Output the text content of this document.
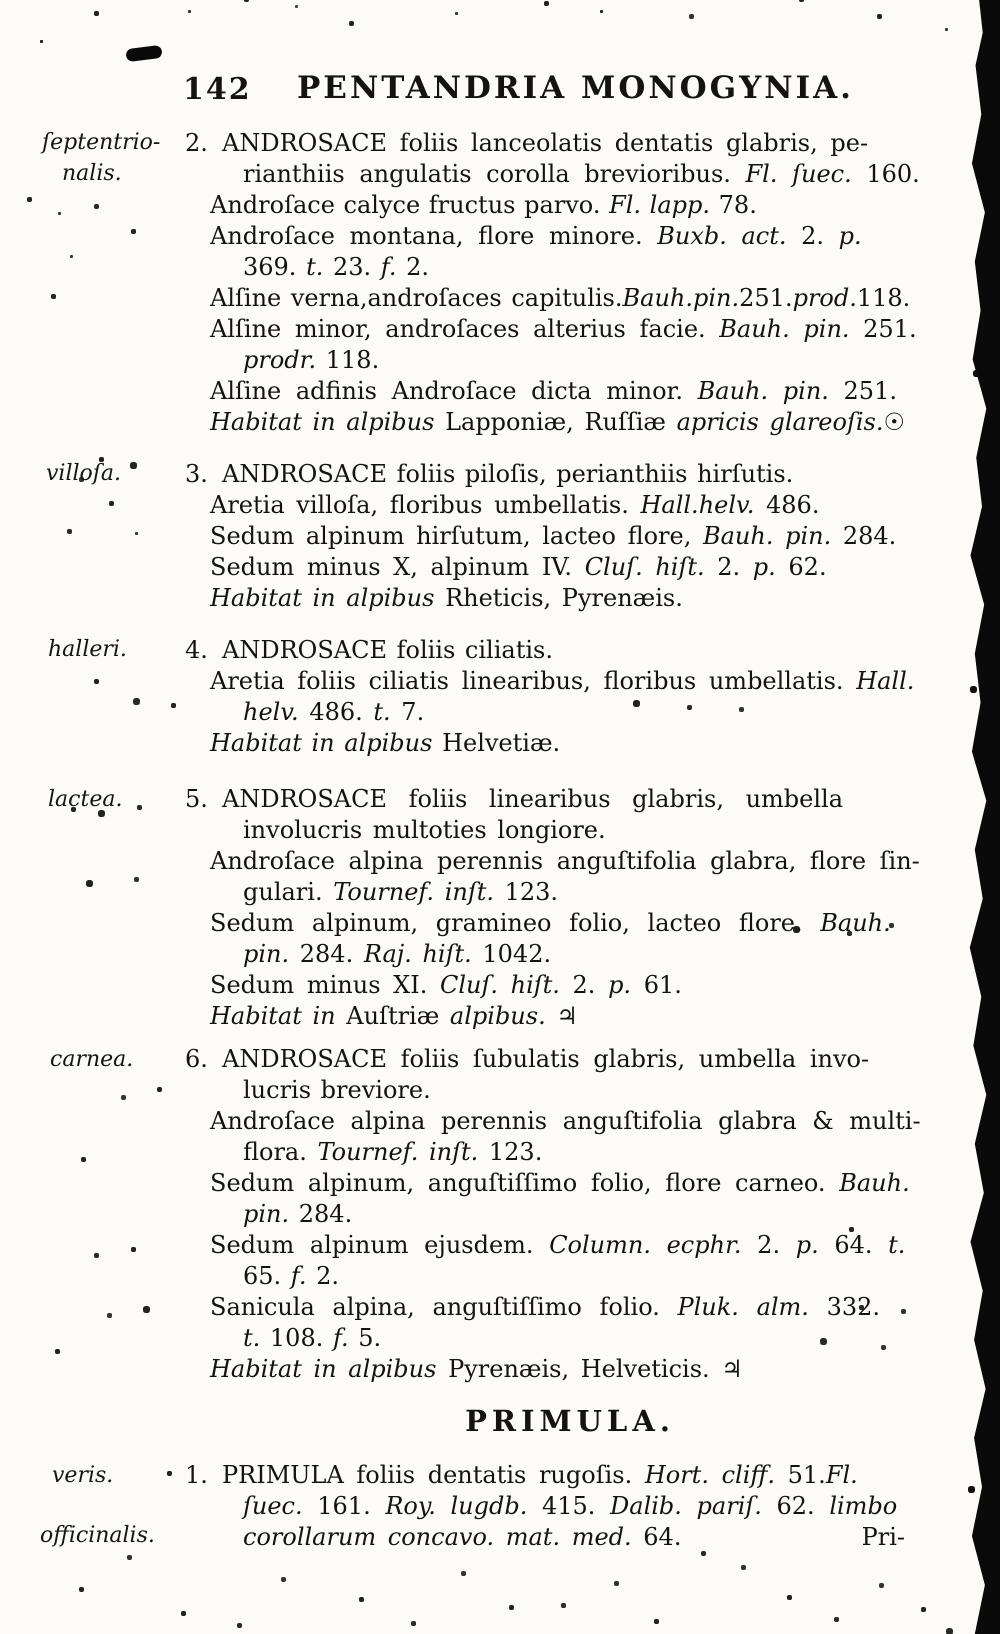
142 PENTANDRIA MONOGYNIA.
ſeptentrio-
nalis.
villoſa.
halleri.
lactea.
carnea.
veris.
officinalis.
2. ANDROSACE foliis lanceolatis dentatis glabris, pe-
rianthiis angulatis corolla brevioribus. Fl. ſuec. 160.
Androſace calyce fructus parvo. Fl. lapp. 78.
Androſace montana, flore minore. Buxb. act. 2. p.
369. t. 23. f. 2.
Alſine verna,androſaces capitulis.Bauh.pin.251.prod.118.
Alſine minor, androſaces alterius facie. Bauh. pin. 251.
prodr. 118.
Alſine adfinis Androſace dicta minor. Bauh. pin. 251.
Habitat in alpibus Lapponiæ, Ruſſiæ apricis glareoſis.☉
3. ANDROSACE foliis piloſis, perianthiis hirſutis.
Aretia villoſa, floribus umbellatis. Hall.helv. 486.
Sedum alpinum hirſutum, lacteo flore, Bauh. pin. 284.
Sedum minus X, alpinum IV. Cluſ. hiſt. 2. p. 62.
Habitat in alpibus Rheticis, Pyrenæis.
4. ANDROSACE foliis ciliatis.
Aretia foliis ciliatis linearibus, floribus umbellatis. Hall.
helv. 486. t. 7.
Habitat in alpibus Helvetiæ.
5. ANDROSACE foliis linearibus glabris, umbella
involucris multoties longiore.
Androſace alpina perennis anguſtifolia glabra, flore ſin-
gulari. Tournef. inſt. 123.
Sedum alpinum, gramineo folio, lacteo flore. Bauh.
pin. 284. Raj. hiſt. 1042.
Sedum minus XI. Cluſ. hiſt. 2. p. 61.
Habitat in Auſtriæ alpibus. ♃
6. ANDROSACE foliis ſubulatis glabris, umbella invo-
lucris breviore.
Androſace alpina perennis anguſtifolia glabra & multi-
flora. Tournef. inſt. 123.
Sedum alpinum, anguſtiſſimo folio, flore carneo. Bauh.
pin. 284.
Sedum alpinum ejusdem. Column. ecphr. 2. p. 64. t.
65. f. 2.
Sanicula alpina, anguſtiſſimo folio. Pluk. alm. 332.
t. 108. f. 5.
Habitat in alpibus Pyrenæis, Helveticis. ♃
PRIMULA.
1. PRIMULA foliis dentatis rugoſis. Hort. cliff. 51.Fl.
ſuec. 161. Roy. lugdb. 415. Dalib. pariſ. 62. limbo
corollarum concavo. mat. med. 64.	Pri-
